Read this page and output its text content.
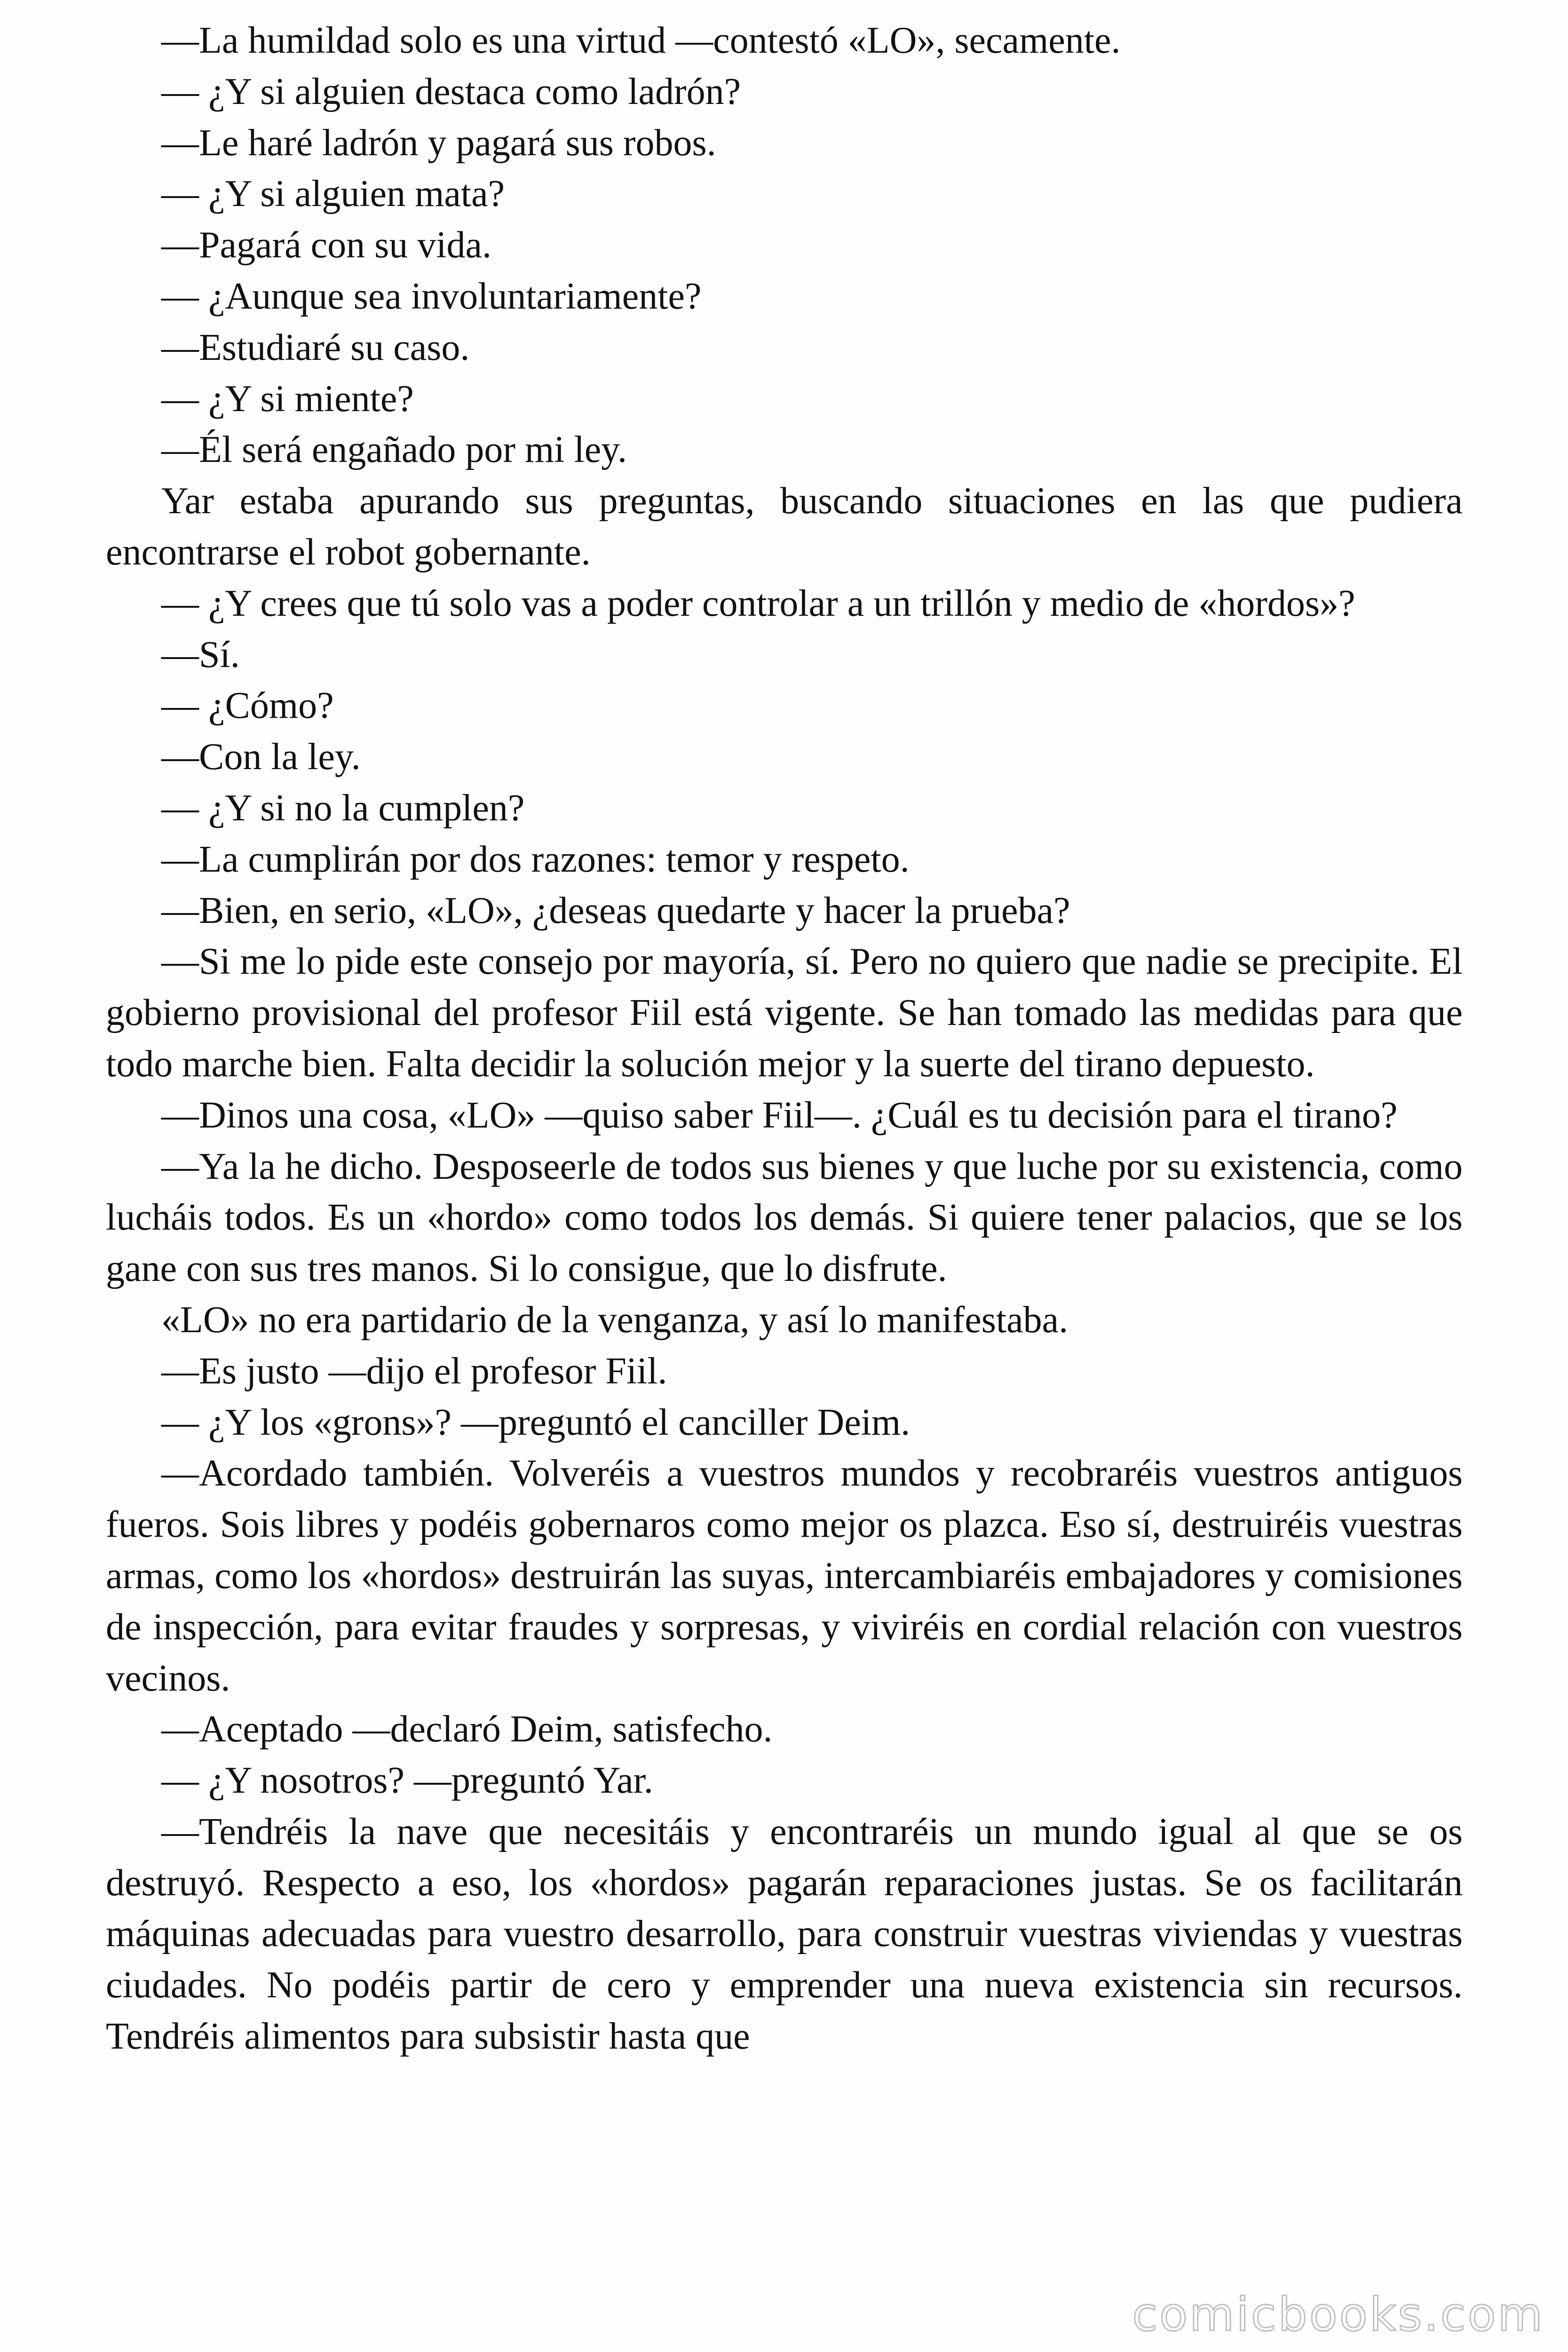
—La humildad solo es una virtud —contestó «LO», secamente.

— ¿Y si alguien destaca como ladrón?

—Le haré ladrón y pagará sus robos.

— ¿Y si alguien mata?

—Pagará con su vida.

— ¿Aunque sea involuntariamente?

—Estudiaré su caso.

— ¿Y si miente?

—Él será engañado por mi ley.

Yar estaba apurando sus preguntas, buscando situaciones en las que pudiera encontrarse el robot gobernante.

— ¿Y crees que tú solo vas a poder controlar a un trillón y medio de «hordos»?

—Sí.

— ¿Cómo?

—Con la ley.

— ¿Y si no la cumplen?

—La cumplirán por dos razones: temor y respeto.

—Bien, en serio, «LO», ¿deseas quedarte y hacer la prueba?

—Si me lo pide este consejo por mayoría, sí. Pero no quiero que nadie se precipite. El gobierno provisional del profesor Fiil está vigente. Se han tomado las medidas para que todo marche bien. Falta decidir la solución mejor y la suerte del tirano depuesto.

—Dinos una cosa, «LO» —quiso saber Fiil—. ¿Cuál es tu decisión para el tirano?

—Ya la he dicho. Desposeerle de todos sus bienes y que luche por su existencia, como lucháis todos. Es un «hordo» como todos los demás. Si quiere tener palacios, que se los gane con sus tres manos. Si lo consigue, que lo disfrute.

«LO» no era partidario de la venganza, y así lo manifestaba.

—Es justo —dijo el profesor Fiil.

— ¿Y los «grons»? —preguntó el canciller Deim.

—Acordado también. Volveréis a vuestros mundos y recobraréis vuestros antiguos fueros. Sois libres y podéis gobernaros como mejor os plazca. Eso sí, destruiréis vuestras armas, como los «hordos» destruirán las suyas, intercambiaréis embajadores y comisiones de inspección, para evitar fraudes y sorpresas, y viviréis en cordial relación con vuestros vecinos.

—Aceptado —declaró Deim, satisfecho.

— ¿Y nosotros? —preguntó Yar.

—Tendréis la nave que necesitáis y encontraréis un mundo igual al que se os destruyó. Respecto a eso, los «hordos» pagarán reparaciones justas. Se os facilitarán máquinas adecuadas para vuestro desarrollo, para construir vuestras viviendas y vuestras ciudades. No podéis partir de cero y emprender una nueva existencia sin recursos. Tendréis alimentos para subsistir hasta que

comicbooks.com
